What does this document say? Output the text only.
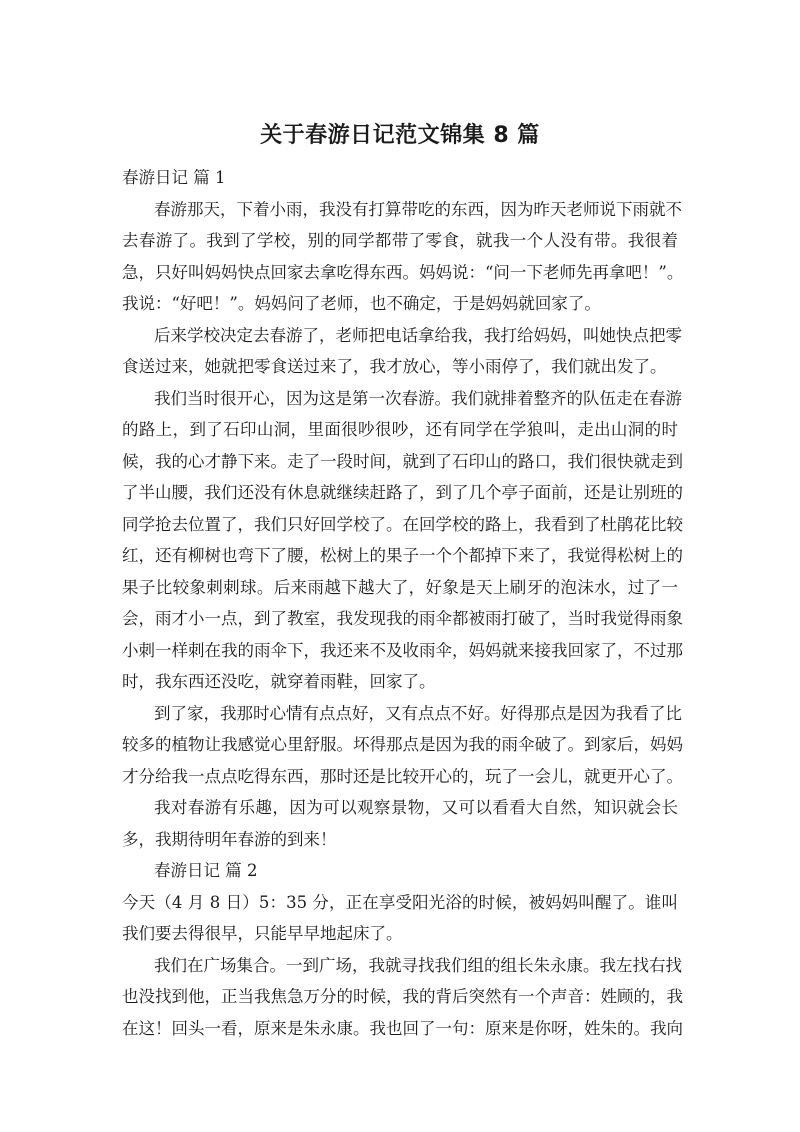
关于春游日记范文锦集 8 篇
春游日记 篇 1
春游那天，下着小雨，我没有打算带吃的东西，因为昨天老师说下雨就不
去春游了。我到了学校，别的同学都带了零食，就我一个人没有带。我很着
急，只好叫妈妈快点回家去拿吃得东西。妈妈说：“问一下老师先再拿吧！”。
我说：“好吧！”。妈妈问了老师，也不确定，于是妈妈就回家了。
后来学校决定去春游了，老师把电话拿给我，我打给妈妈，叫她快点把零
食送过来，她就把零食送过来了，我才放心，等小雨停了，我们就出发了。
我们当时很开心，因为这是第一次春游。我们就排着整齐的队伍走在春游
的路上，到了石印山洞，里面很吵很吵，还有同学在学狼叫，走出山洞的时
候，我的心才静下来。走了一段时间，就到了石印山的路口，我们很快就走到
了半山腰，我们还没有休息就继续赶路了，到了几个亭子面前，还是让别班的
同学抢去位置了，我们只好回学校了。在回学校的路上，我看到了杜鹃花比较
红，还有柳树也弯下了腰，松树上的果子一个个都掉下来了，我觉得松树上的
果子比较象刺刺球。后来雨越下越大了，好象是天上刷牙的泡沫水，过了一
会，雨才小一点，到了教室，我发现我的雨伞都被雨打破了，当时我觉得雨象
小刺一样刺在我的雨伞下，我还来不及收雨伞，妈妈就来接我回家了，不过那
时，我东西还没吃，就穿着雨鞋，回家了。
到了家，我那时心情有点点好，又有点点不好。好得那点是因为我看了比
较多的植物让我感觉心里舒服。坏得那点是因为我的雨伞破了。到家后，妈妈
才分给我一点点吃得东西，那时还是比较开心的，玩了一会儿，就更开心了。
我对春游有乐趣，因为可以观察景物，又可以看看大自然，知识就会长
多，我期待明年春游的到来！
春游日记 篇 2
今天（4 月 8 日）5：35 分，正在享受阳光浴的时候，被妈妈叫醒了。谁叫
我们要去得很早，只能早早地起床了。
我们在广场集合。一到广场，我就寻找我们组的组长朱永康。我左找右找
也没找到他，正当我焦急万分的时候，我的背后突然有一个声音：姓顾的，我
在这！回头一看，原来是朱永康。我也回了一句：原来是你呀，姓朱的。我向
